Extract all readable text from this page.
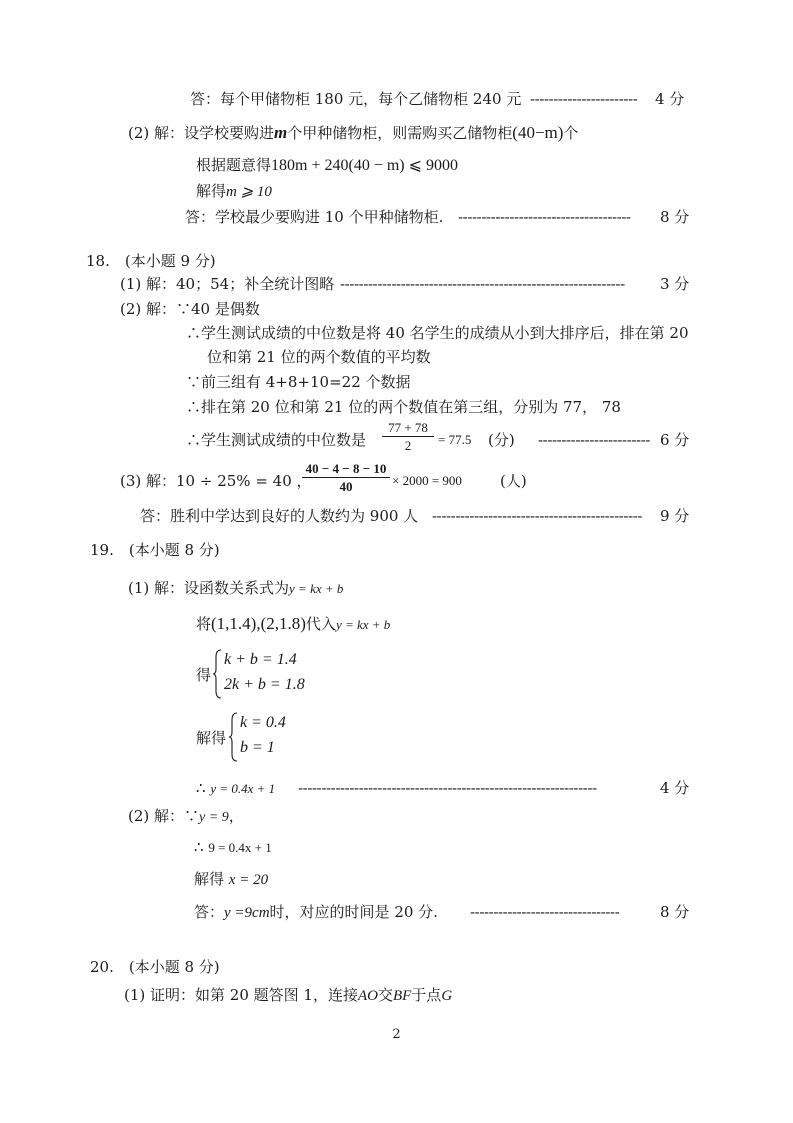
答：每个甲储物柜 180 元，每个乙储物柜 240 元 -----------------------	4 分
(2) 解：设学校要购进m个甲种储物柜，则需购买乙储物柜(40−m)个
根据题意得180m + 240(40 − m) ⩽ 9000
解得m ⩾ 10
答：学校最少要购进 10 个甲种储物柜. -------------------------------------	8 分
18.　(本小题 9 分)
(1) 解：40；54；补全统计图略 -------------------------------------------------------------	3 分
(2) 解：∵40 是偶数
∴学生测试成绩的中位数是将 40 名学生的成绩从小到大排序后，排在第 20
位和第 21 位的两个数值的平均数
∵前三组有 4+8+10=22 个数据
∴排在第 20 位和第 21 位的两个数值在第三组，分别为 77， 78
∴学生测试成绩的中位数是
77 + 78
2	= 77.5 (分) ------------------------ 6 分
(3) 解：10 ÷ 25% = 40 ，
40 − 4 − 8 − 10
40	× 2000 = 900	(人)
答：胜利中学达到良好的人数约为 900 人 ---------------------------------------------	9 分
19.　(本小题 8 分)
(1) 解：设函数关系式为y = kx + b
将(1,1.4),(2,1.8)代入y = kx + b
得
k + b = 1.4
2k + b = 1.8
解得
k = 0.4
b = 1
∴ y = 0.4x + 1 ----------------------------------------------------------------	4 分
(2) 解：∵y = 9，
∴ 9 = 0.4x + 1
解得 x = 20
答：y =9cm时，对应的时间是 20 分. --------------------------------	8 分
20.　(本小题 8 分)
(1) 证明：如第 20 题答图 1，连接AO交BF于点G
2
